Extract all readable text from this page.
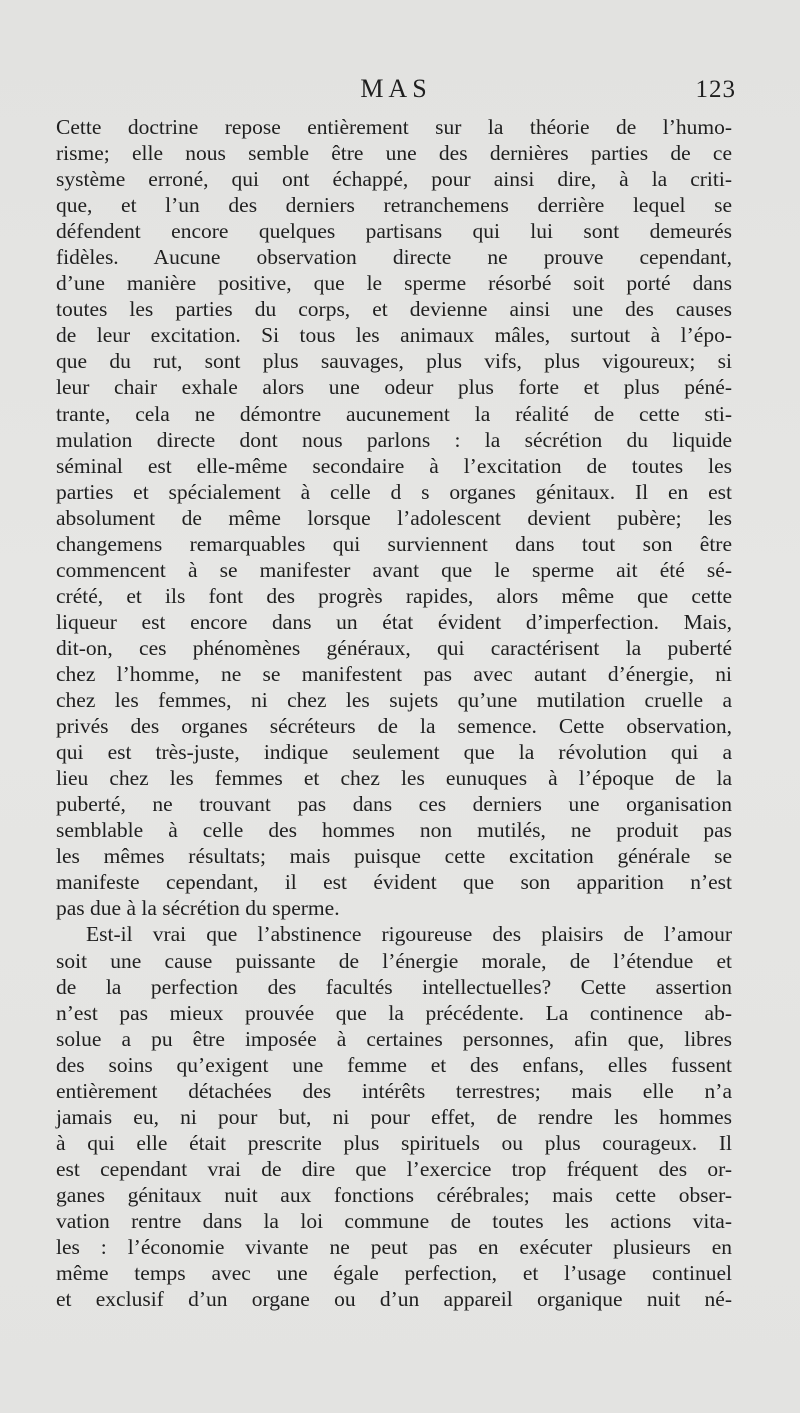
MAS	123
Cette doctrine repose entièrement sur la théorie de l’humo-
risme; elle nous semble être une des dernières parties de ce
système erroné, qui ont échappé, pour ainsi dire, à la criti-
que, et l’un des derniers retranchemens derrière lequel se
défendent encore quelques partisans qui lui sont demeurés
fidèles. Aucune observation directe ne prouve cependant,
d’une manière positive, que le sperme résorbé soit porté dans
toutes les parties du corps, et devienne ainsi une des causes
de leur excitation. Si tous les animaux mâles, surtout à l’épo-
que du rut, sont plus sauvages, plus vifs, plus vigoureux; si
leur chair exhale alors une odeur plus forte et plus péné-
trante, cela ne démontre aucunement la réalité de cette sti-
mulation directe dont nous parlons : la sécrétion du liquide
séminal est elle-même secondaire à l’excitation de toutes les
parties et spécialement à celle d s organes génitaux. Il en est
absolument de même lorsque l’adolescent devient pubère; les
changemens remarquables qui surviennent dans tout son être
commencent à se manifester avant que le sperme ait été sé-
crété, et ils font des progrès rapides, alors même que cette
liqueur est encore dans un état évident d’imperfection. Mais,
dit-on, ces phénomènes généraux, qui caractérisent la puberté
chez l’homme, ne se manifestent pas avec autant d’énergie, ni
chez les femmes, ni chez les sujets qu’une mutilation cruelle a
privés des organes sécréteurs de la semence. Cette observation,
qui est très-juste, indique seulement que la révolution qui a
lieu chez les femmes et chez les eunuques à l’époque de la
puberté, ne trouvant pas dans ces derniers une organisation
semblable à celle des hommes non mutilés, ne produit pas
les mêmes résultats; mais puisque cette excitation générale se
manifeste cependant, il est évident que son apparition n’est
pas due à la sécrétion du sperme.
Est-il vrai que l’abstinence rigoureuse des plaisirs de l’amour
soit une cause puissante de l’énergie morale, de l’étendue et
de la perfection des facultés intellectuelles? Cette assertion
n’est pas mieux prouvée que la précédente. La continence ab-
solue a pu être imposée à certaines personnes, afin que, libres
des soins qu’exigent une femme et des enfans, elles fussent
entièrement détachées des intérêts terrestres; mais elle n’a
jamais eu, ni pour but, ni pour effet, de rendre les hommes
à qui elle était prescrite plus spirituels ou plus courageux. Il
est cependant vrai de dire que l’exercice trop fréquent des or-
ganes génitaux nuit aux fonctions cérébrales; mais cette obser-
vation rentre dans la loi commune de toutes les actions vita-
les : l’économie vivante ne peut pas en exécuter plusieurs en
même temps avec une égale perfection, et l’usage continuel
et exclusif d’un organe ou d’un appareil organique nuit né-
